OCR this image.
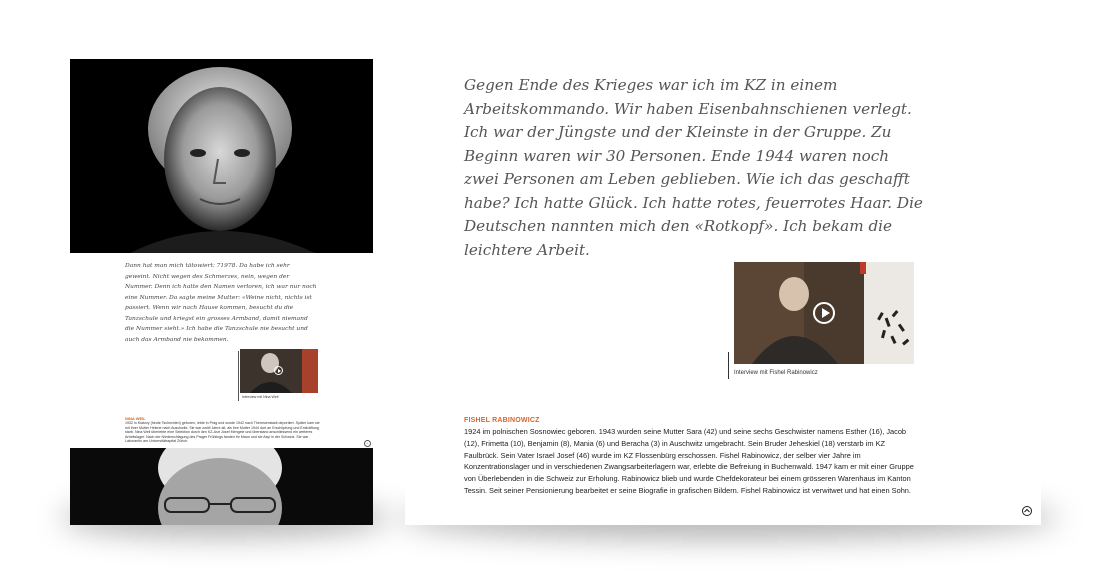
Dann hat man mich tätowiert: 71978. Da habe ich sehr geweint. Nicht wegen des Schmerzes, nein, wegen der Nummer. Denn ich hatte den Namen verloren, ich war nur noch eine Nummer. Da sagte meine Mutter: «Weine nicht, nichts ist passiert. Wenn wir nach Hause kommen, besucht du die Tanzschule und kriegst ein grosses Armband, damit niemand die Nummer sieht.» Ich habe die Tanzschule nie besucht und auch das Armband nie bekommen.

Interview mit Nina Weil
NINA WEIL
1932 in Klatovy (heute Tschechien) geboren, lebte in Prag und wurde 1942 nach Theresienstadt deportiert. Später kam sie mit ihrer Mutter Helene nach Auschwitz. Sie war zwölf Jahre alt, als ihre Mutter 1944 dort an Erschöpfung und Entkräftung starb. Nina Weil überlebte eine Selektion durch den KZ-Arzt Josef Mengele und überstand anschliessend ein weiteres Arbeitslager. Nach der Niederschlagung des Prager Frühlings fanden ihr Mann und sie Asyl in der Schweiz. Sie war Laborantin am Universitätsspital Zürich.	^

Gegen Ende des Krieges war ich im KZ in einem Arbeitskommando. Wir haben Eisenbahnschienen verlegt. Ich war der Jüngste und der Kleinste in der Gruppe. Zu Beginn waren wir 30 Personen. Ende 1944 waren noch zwei Personen am Leben geblieben. Wie ich das geschafft habe? Ich hatte Glück. Ich hatte rotes, feuerrotes Haar. Die Deutschen nannten mich den «Rotkopf». Ich bekam die leichtere Arbeit.

Interview mit Fishel Rabinowicz
FISHEL RABINOWICZ

1924 im polnischen Sosnowiec geboren. 1943 wurden seine Mutter Sara (42) und seine sechs Geschwister namens Esther (16), Jacob (12), Frimetta (10), Benjamin (8), Mania (6) und Beracha (3) in Auschwitz umgebracht. Sein Bruder Jeheskiel (18) verstarb im KZ Faulbrück. Sein Vater Israel Josef (46) wurde im KZ Flossenbürg erschossen. Fishel Rabinowicz, der selber vier Jahre im Konzentrationslager und in verschiedenen Zwangsarbeiterlagern war, erlebte die Befreiung in Buchenwald. 1947 kam er mit einer Gruppe von Überlebenden in die Schweiz zur Erholung. Rabinowicz blieb und wurde Chefdekorateur bei einem grösseren Warenhaus im Kanton Tessin. Seit seiner Pensionierung bearbeitet er seine Biografie in grafischen Bildern. Fishel Rabinowicz ist verwitwet und hat einen Sohn.
